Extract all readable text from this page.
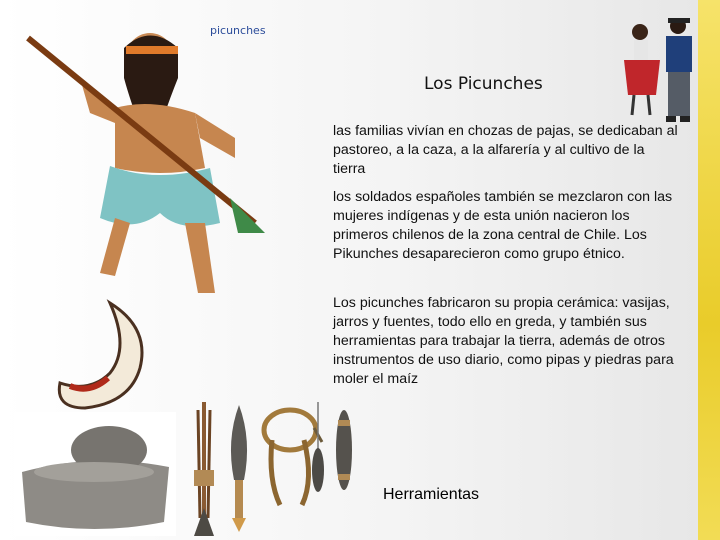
picunches
Los Picunches

las familias vivían en chozas de pajas, se dedicaban al pastoreo, a la caza, a la alfarería y al cultivo de la tierra

los soldados españoles también se mezclaron con las mujeres indígenas y de esta unión nacieron los primeros chilenos de la zona central de Chile. Los Pikunches desaparecieron como grupo étnico.

Los picunches fabricaron su propia cerámica: vasijas, jarros y fuentes, todo ello en greda, y también sus herramientas para trabajar la tierra, además de otros instrumentos de uso diario, como pipas y piedras para moler el maíz

Herramientas
